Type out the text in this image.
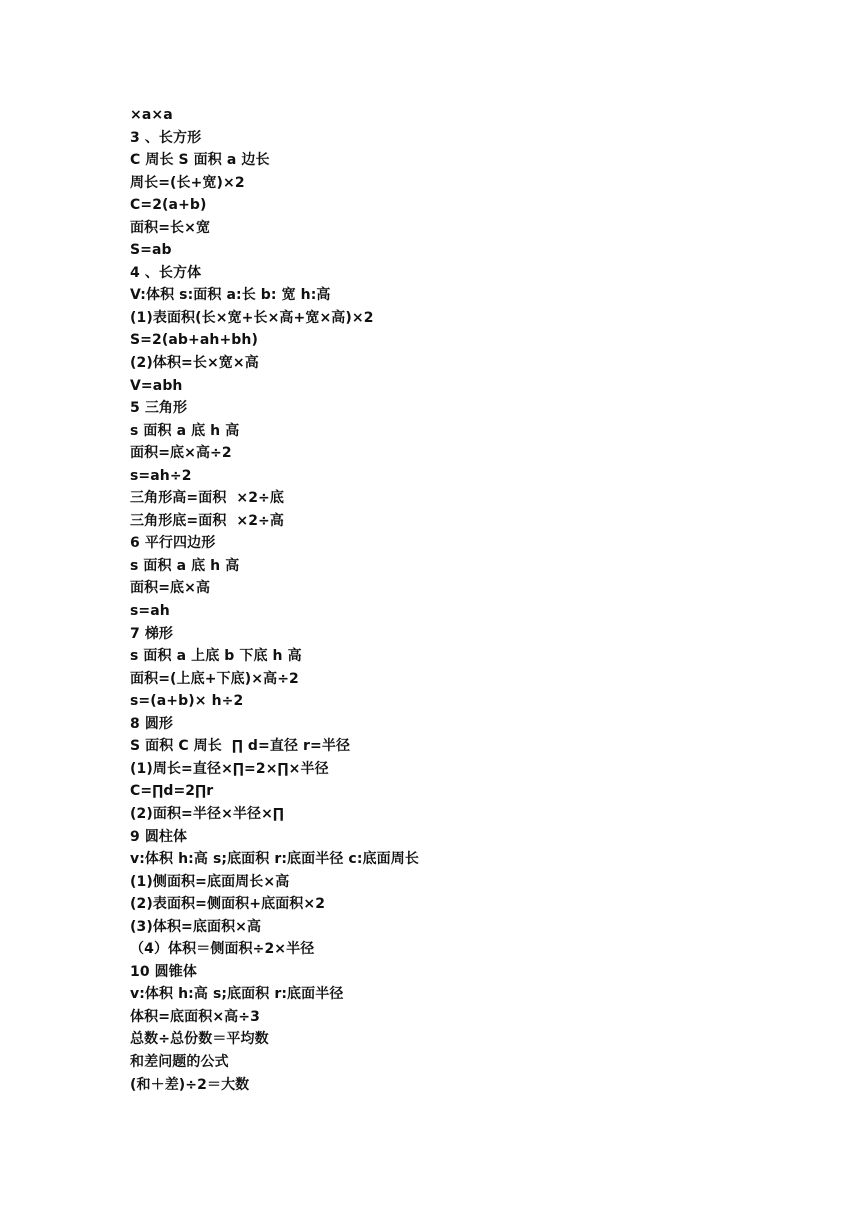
×a×a
3 、长方形
C 周长 S 面积 a 边长
周长=(长+宽)×2
C=2(a+b)
面积=长×宽
S=ab
4 、长方体
V:体积 s:面积 a:长 b: 宽 h:高
(1)表面积(长×宽+长×高+宽×高)×2
S=2(ab+ah+bh)
(2)体积=长×宽×高
V=abh
5 三角形
s 面积 a 底 h 高
面积=底×高÷2
s=ah÷2
三角形高=面积  ×2÷底
三角形底=面积  ×2÷高
6 平行四边形
s 面积 a 底 h 高
面积=底×高
s=ah
7 梯形
s 面积 a 上底 b 下底 h 高
面积=(上底+下底)×高÷2
s=(a+b)× h÷2
8 圆形
S 面积 C 周长  ∏ d=直径 r=半径
(1)周长=直径×∏=2×∏×半径
C=∏d=2∏r
(2)面积=半径×半径×∏
9 圆柱体
v:体积 h:高 s;底面积 r:底面半径 c:底面周长
(1)侧面积=底面周长×高
(2)表面积=侧面积+底面积×2
(3)体积=底面积×高
（4）体积＝侧面积÷2×半径
10 圆锥体
v:体积 h:高 s;底面积 r:底面半径
体积=底面积×高÷3
总数÷总份数＝平均数
和差问题的公式
(和＋差)÷2＝大数
